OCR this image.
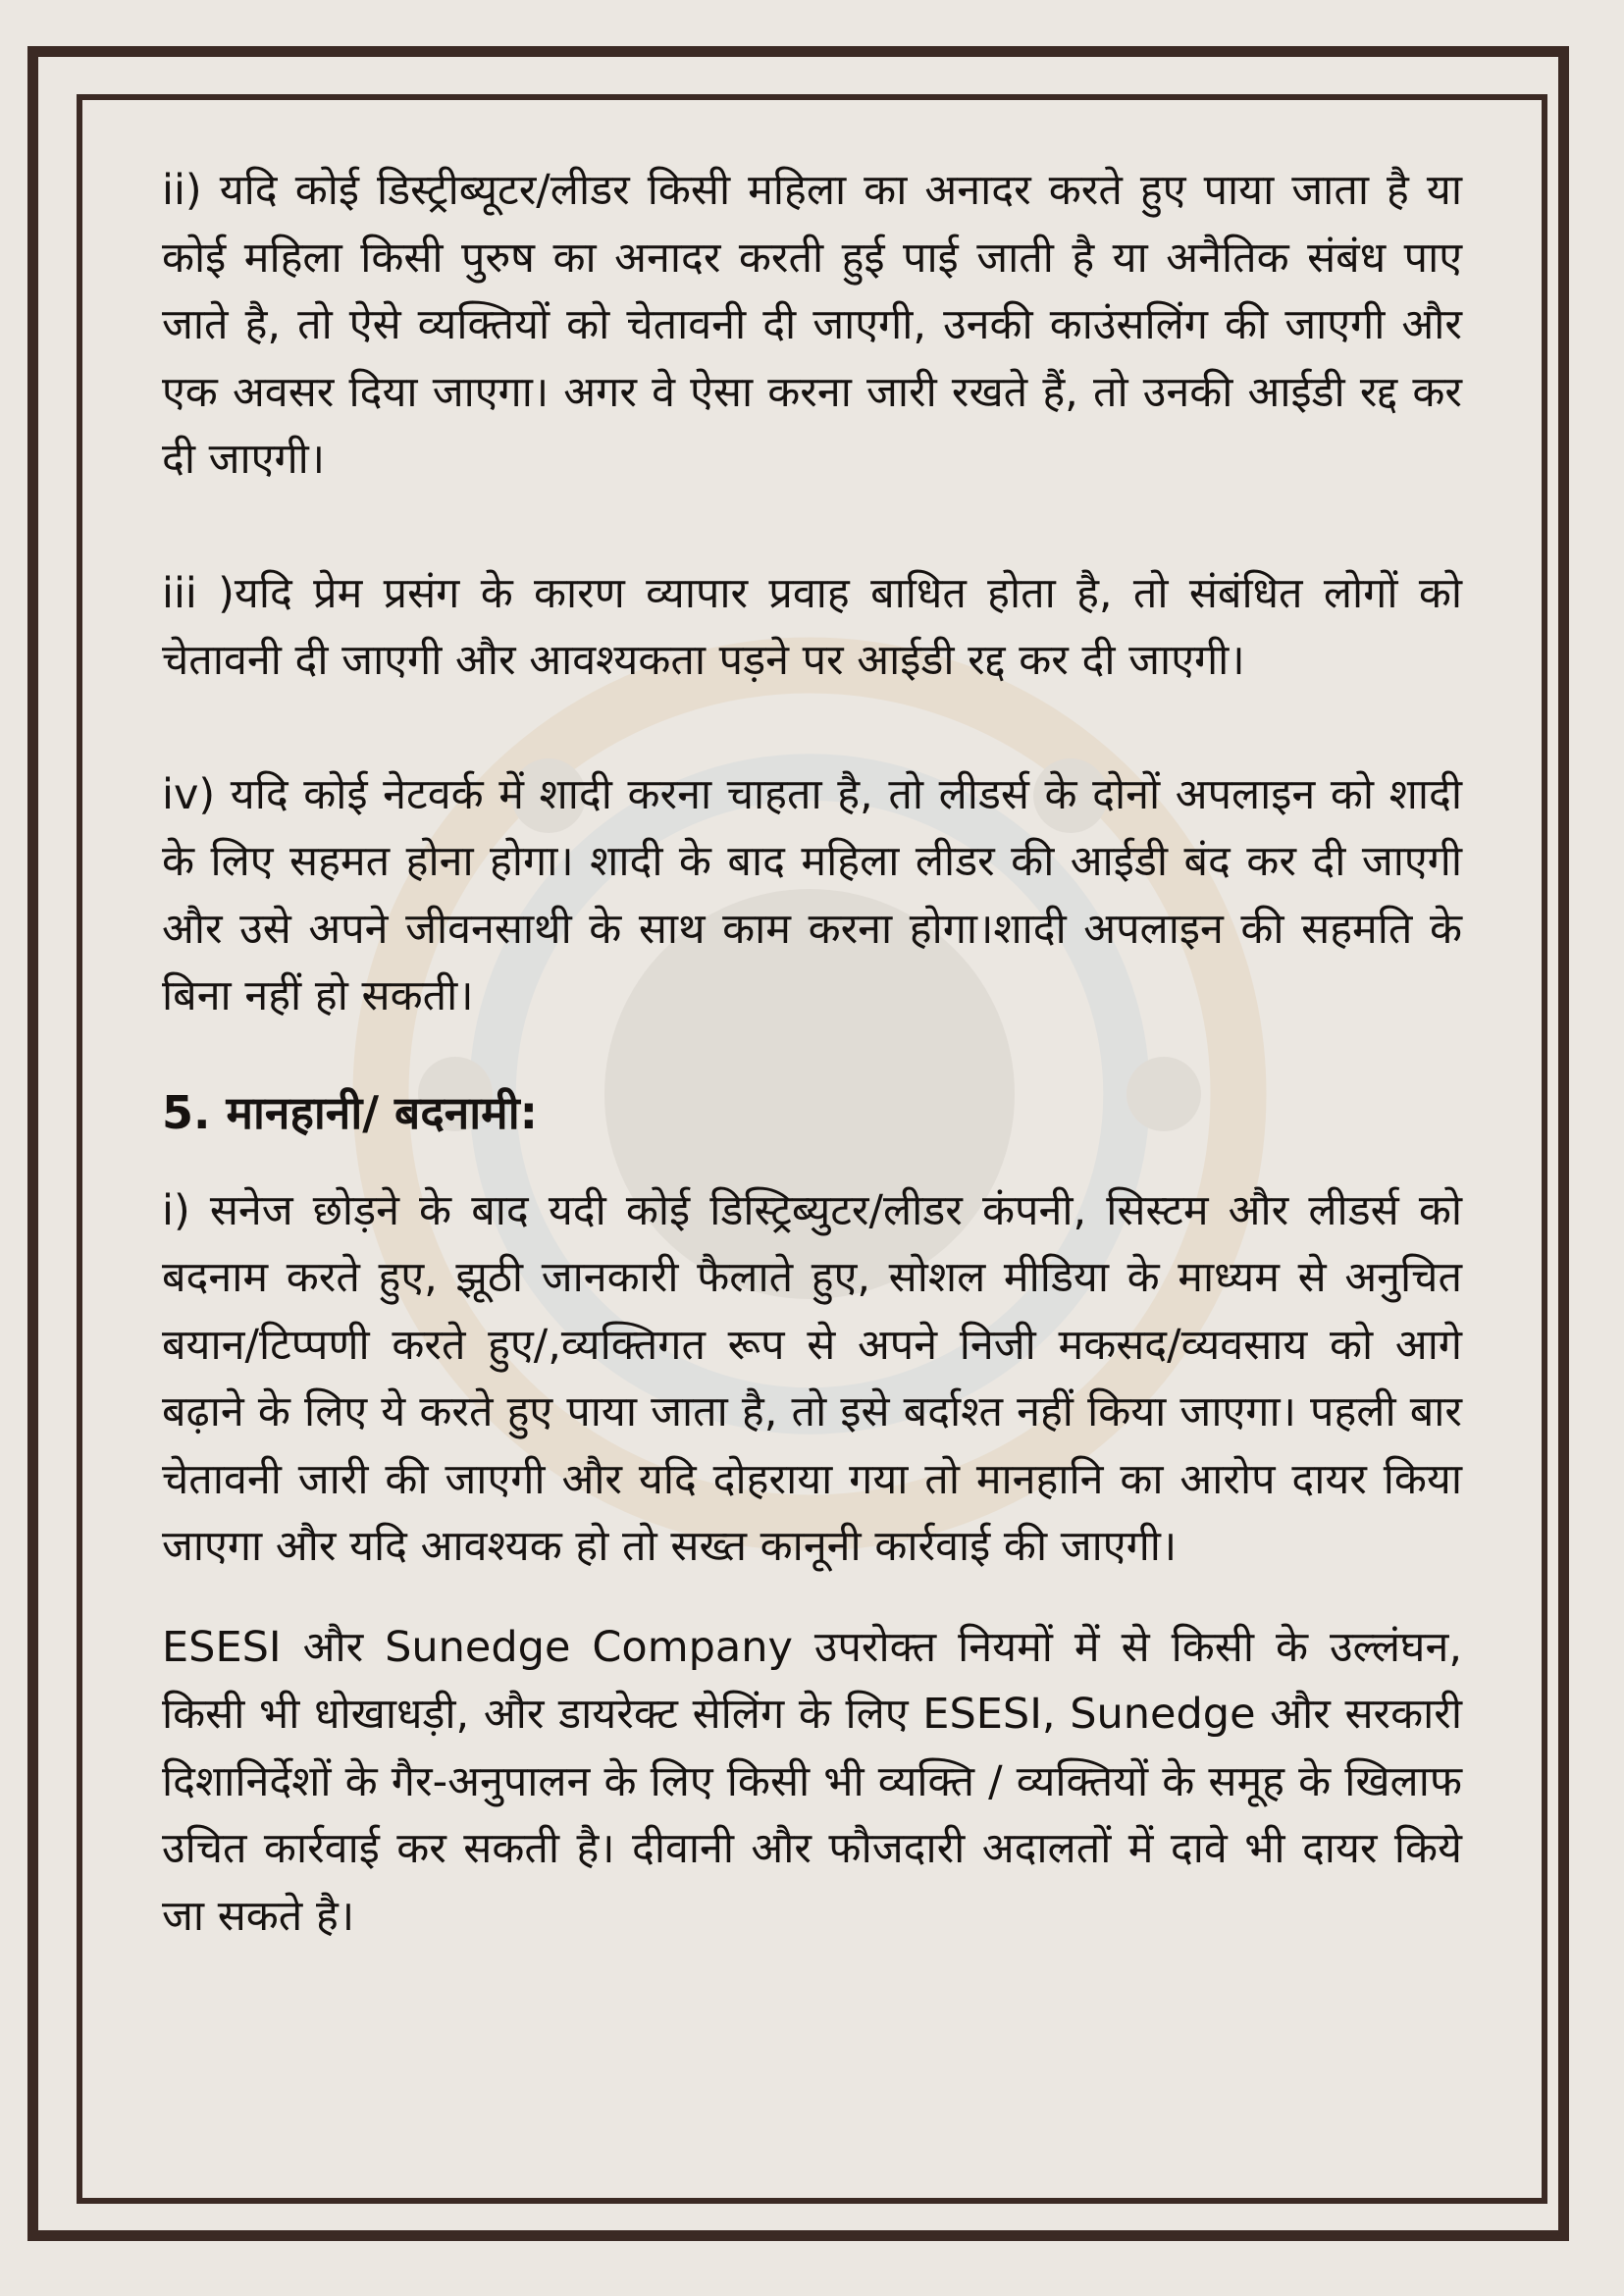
ii) यदि कोई डिस्ट्रीब्यूटर/लीडर किसी महिला का अनादर करते हुए पाया जाता है या कोई महिला किसी पुरुष का अनादर करती हुई पाई जाती है या अनैतिक संबंध पाए जाते है, तो ऐसे व्यक्तियों को चेतावनी दी जाएगी, उनकी काउंसलिंग की जाएगी और एक अवसर दिया जाएगा। अगर वे ऐसा करना जारी रखते हैं, तो उनकी आईडी रद्द कर दी जाएगी।

iii )यदि प्रेम प्रसंग के कारण व्यापार प्रवाह बाधित होता है, तो संबंधित लोगों को चेतावनी दी जाएगी और आवश्यकता पड़ने पर आईडी रद्द कर दी जाएगी।

iv) यदि कोई नेटवर्क में शादी करना चाहता है, तो लीडर्स के दोनों अपलाइन को शादी के लिए सहमत होना होगा। शादी के बाद महिला लीडर की आईडी बंद कर दी जाएगी और उसे अपने जीवनसाथी के साथ काम करना होगा।शादी अपलाइन की सहमति के बिना नहीं हो सकती।

5. मानहानी/ बदनामी:

i) सनेज छोड़ने के बाद यदी कोई डिस्ट्रिब्युटर/लीडर कंपनी, सिस्टम और लीडर्स को बदनाम करते हुए, झूठी जानकारी फैलाते हुए, सोशल मीडिया के माध्यम से अनुचित बयान/टिप्पणी करते हुए/,व्यक्तिगत रूप से अपने निजी मकसद/व्यवसाय को आगे बढ़ाने के लिए ये करते हुए पाया जाता है, तो इसे बर्दाश्त नहीं किया जाएगा। पहली बार चेतावनी जारी की जाएगी और यदि दोहराया गया तो मानहानि का आरोप दायर किया जाएगा और यदि आवश्यक हो तो सख्त कानूनी कार्रवाई की जाएगी।

ESESI और Sunedge Company उपरोक्त नियमों में से किसी के उल्लंघन, किसी भी धोखाधड़ी, और डायरेक्ट सेलिंग के लिए ESESI, Sunedge और सरकारी दिशानिर्देशों के गैर-अनुपालन के लिए किसी भी व्यक्ति / व्यक्तियों के समूह के खिलाफ उचित कार्रवाई कर सकती है। दीवानी और फौजदारी अदालतों में दावे भी दायर किये जा सकते है।
